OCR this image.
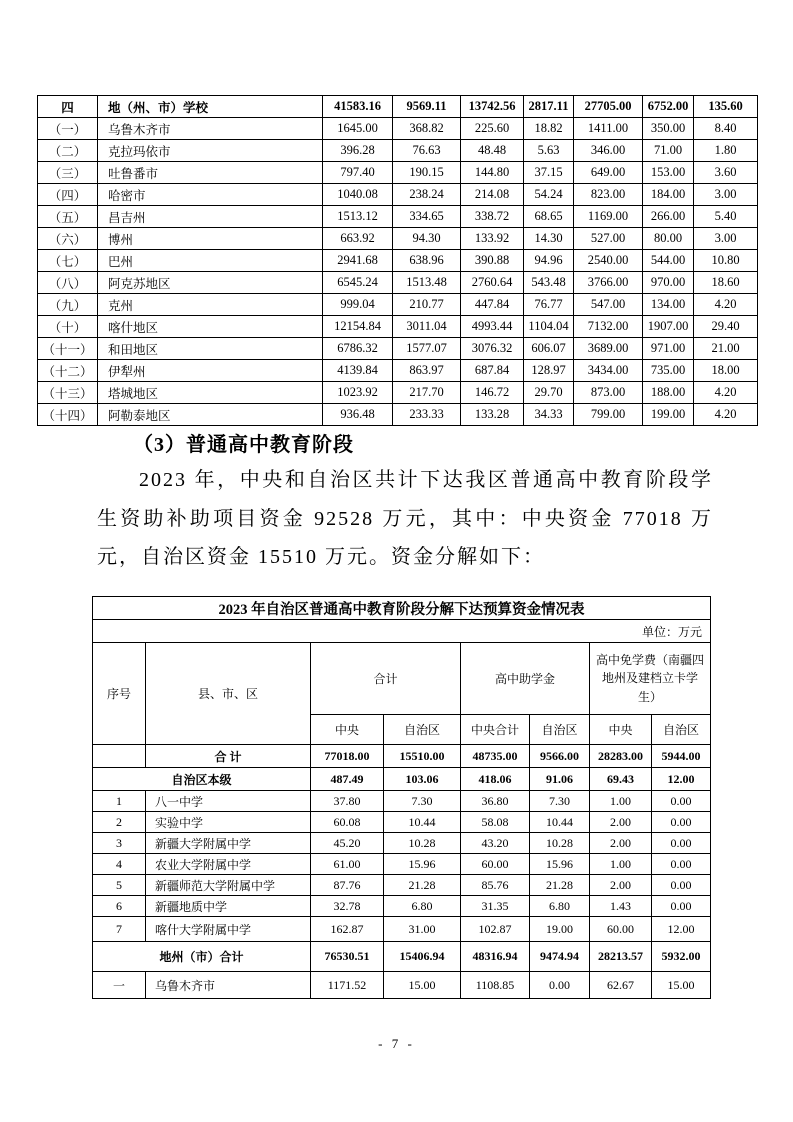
四	地（州、市）学校	41583.16	9569.11	13742.56	2817.11	27705.00	6752.00	135.60
（一）	乌鲁木齐市	1645.00	368.82	225.60	18.82	1411.00	350.00	8.40
（二）	克拉玛依市	396.28	76.63	48.48	5.63	346.00	71.00	1.80
（三）	吐鲁番市	797.40	190.15	144.80	37.15	649.00	153.00	3.60
（四）	哈密市	1040.08	238.24	214.08	54.24	823.00	184.00	3.00
（五）	昌吉州	1513.12	334.65	338.72	68.65	1169.00	266.00	5.40
（六）	博州	663.92	94.30	133.92	14.30	527.00	80.00	3.00
（七）	巴州	2941.68	638.96	390.88	94.96	2540.00	544.00	10.80
（八）	阿克苏地区	6545.24	1513.48	2760.64	543.48	3766.00	970.00	18.60
（九）	克州	999.04	210.77	447.84	76.77	547.00	134.00	4.20
（十）	喀什地区	12154.84	3011.04	4993.44	1104.04	7132.00	1907.00	29.40
（十一）	和田地区	6786.32	1577.07	3076.32	606.07	3689.00	971.00	21.00
（十二）	伊犁州	4139.84	863.97	687.84	128.97	3434.00	735.00	18.00
（十三）	塔城地区	1023.92	217.70	146.72	29.70	873.00	188.00	4.20
（十四）	阿勒泰地区	936.48	233.33	133.28	34.33	799.00	199.00	4.20
（3）普通高中教育阶段
2023 年，中央和自治区共计下达我区普通高中教育阶段学生资助补助项目资金 92528 万元，其中：中央资金 77018 万元，自治区资金 15510 万元。资金分解如下：
2023 年自治区普通高中教育阶段分解下达预算资金情况表							
单位：万元							
序号	县、市、区	合计		高中助学金		高中免学费（南疆四地州及建档立卡学生）	
		中央	自治区	中央合计	自治区	中央	自治区
	合 计	77018.00	15510.00	48735.00	9566.00	28283.00	5944.00
自治区本级		487.49	103.06	418.06	91.06	69.43	12.00
1	八一中学	37.80	7.30	36.80	7.30	1.00	0.00
2	实验中学	60.08	10.44	58.08	10.44	2.00	0.00
3	新疆大学附属中学	45.20	10.28	43.20	10.28	2.00	0.00
4	农业大学附属中学	61.00	15.96	60.00	15.96	1.00	0.00
5	新疆师范大学附属中学	87.76	21.28	85.76	21.28	2.00	0.00
6	新疆地质中学	32.78	6.80	31.35	6.80	1.43	0.00
7	喀什大学附属中学	162.87	31.00	102.87	19.00	60.00	12.00
地州（市）合计		76530.51	15406.94	48316.94	9474.94	28213.57	5932.00
一	乌鲁木齐市	1171.52	15.00	1108.85	0.00	62.67	15.00
- 7 -
